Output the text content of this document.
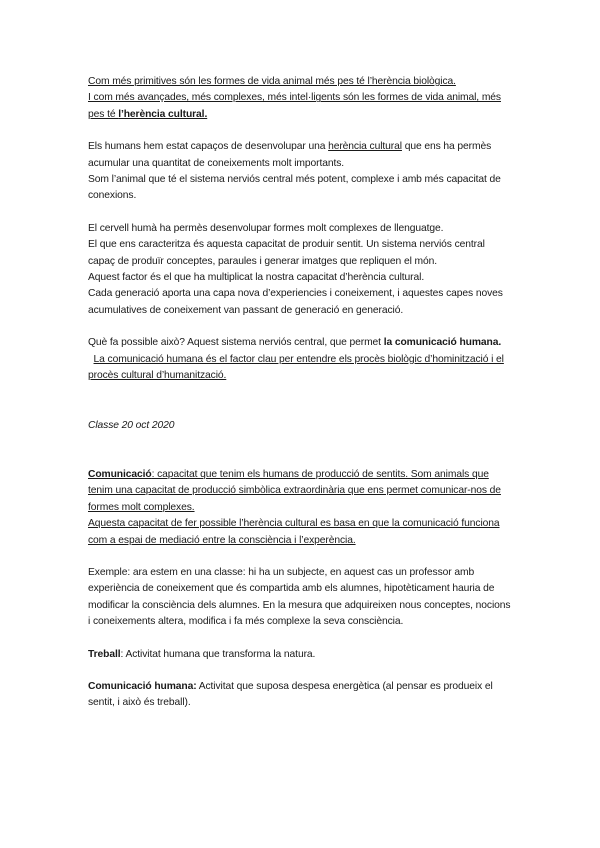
Com més primitives són les formes de vida animal més pes té l’herència biològica.
I com més avançades, més complexes, més intel·ligents són les formes de vida animal, més pes té l’herència cultural.

Els humans hem estat capaços de desenvolupar una herència cultural que ens ha permès acumular una quantitat de coneixements molt importants.
Som l’animal que té el sistema nerviós central més potent, complexe i amb més capacitat de conexions.

El cervell humà ha permès desenvolupar formes molt complexes de llenguatge.
El que ens caracteritza és aquesta capacitat de produir sentit. Un sistema nerviós central capaç de produïr conceptes, paraules i generar imatges que repliquen el món.
Aquest factor és el que ha multiplicat la nostra capacitat d’herència cultural.
Cada generació aporta una capa nova d’experiencies i coneixement, i aquestes capes noves acumulatives de coneixement van passant de generació en generació.

Què fa possible això? Aquest sistema nerviós central, que permet la comunicació humana.  La comunicació humana és el factor clau per entendre els procès biològic d’hominització i el procès cultural d’humanització.

Classe 20 oct 2020

Comunicació: capacitat que tenim els humans de producció de sentits. Som animals que tenim una capacitat de producció simbòlica extraordinària que ens permet comunicar-nos de formes molt complexes.
Aquesta capacitat de fer possible l’herència cultural es basa en que la comunicació funciona com a espai de mediació entre la consciència i l’experència.

Exemple: ara estem en una classe: hi ha un subjecte, en aquest cas un professor amb experiència de coneixement que és compartida amb els alumnes, hipotèticament hauria de modificar la consciència dels alumnes. En la mesura que adquireixen nous conceptes, nocions i coneixements altera, modifica i fa més complexe la seva consciència.

Treball: Activitat humana que transforma la natura.

Comunicació humana: Activitat que suposa despesa energètica (al pensar es produeix el sentit, i això és treball).
